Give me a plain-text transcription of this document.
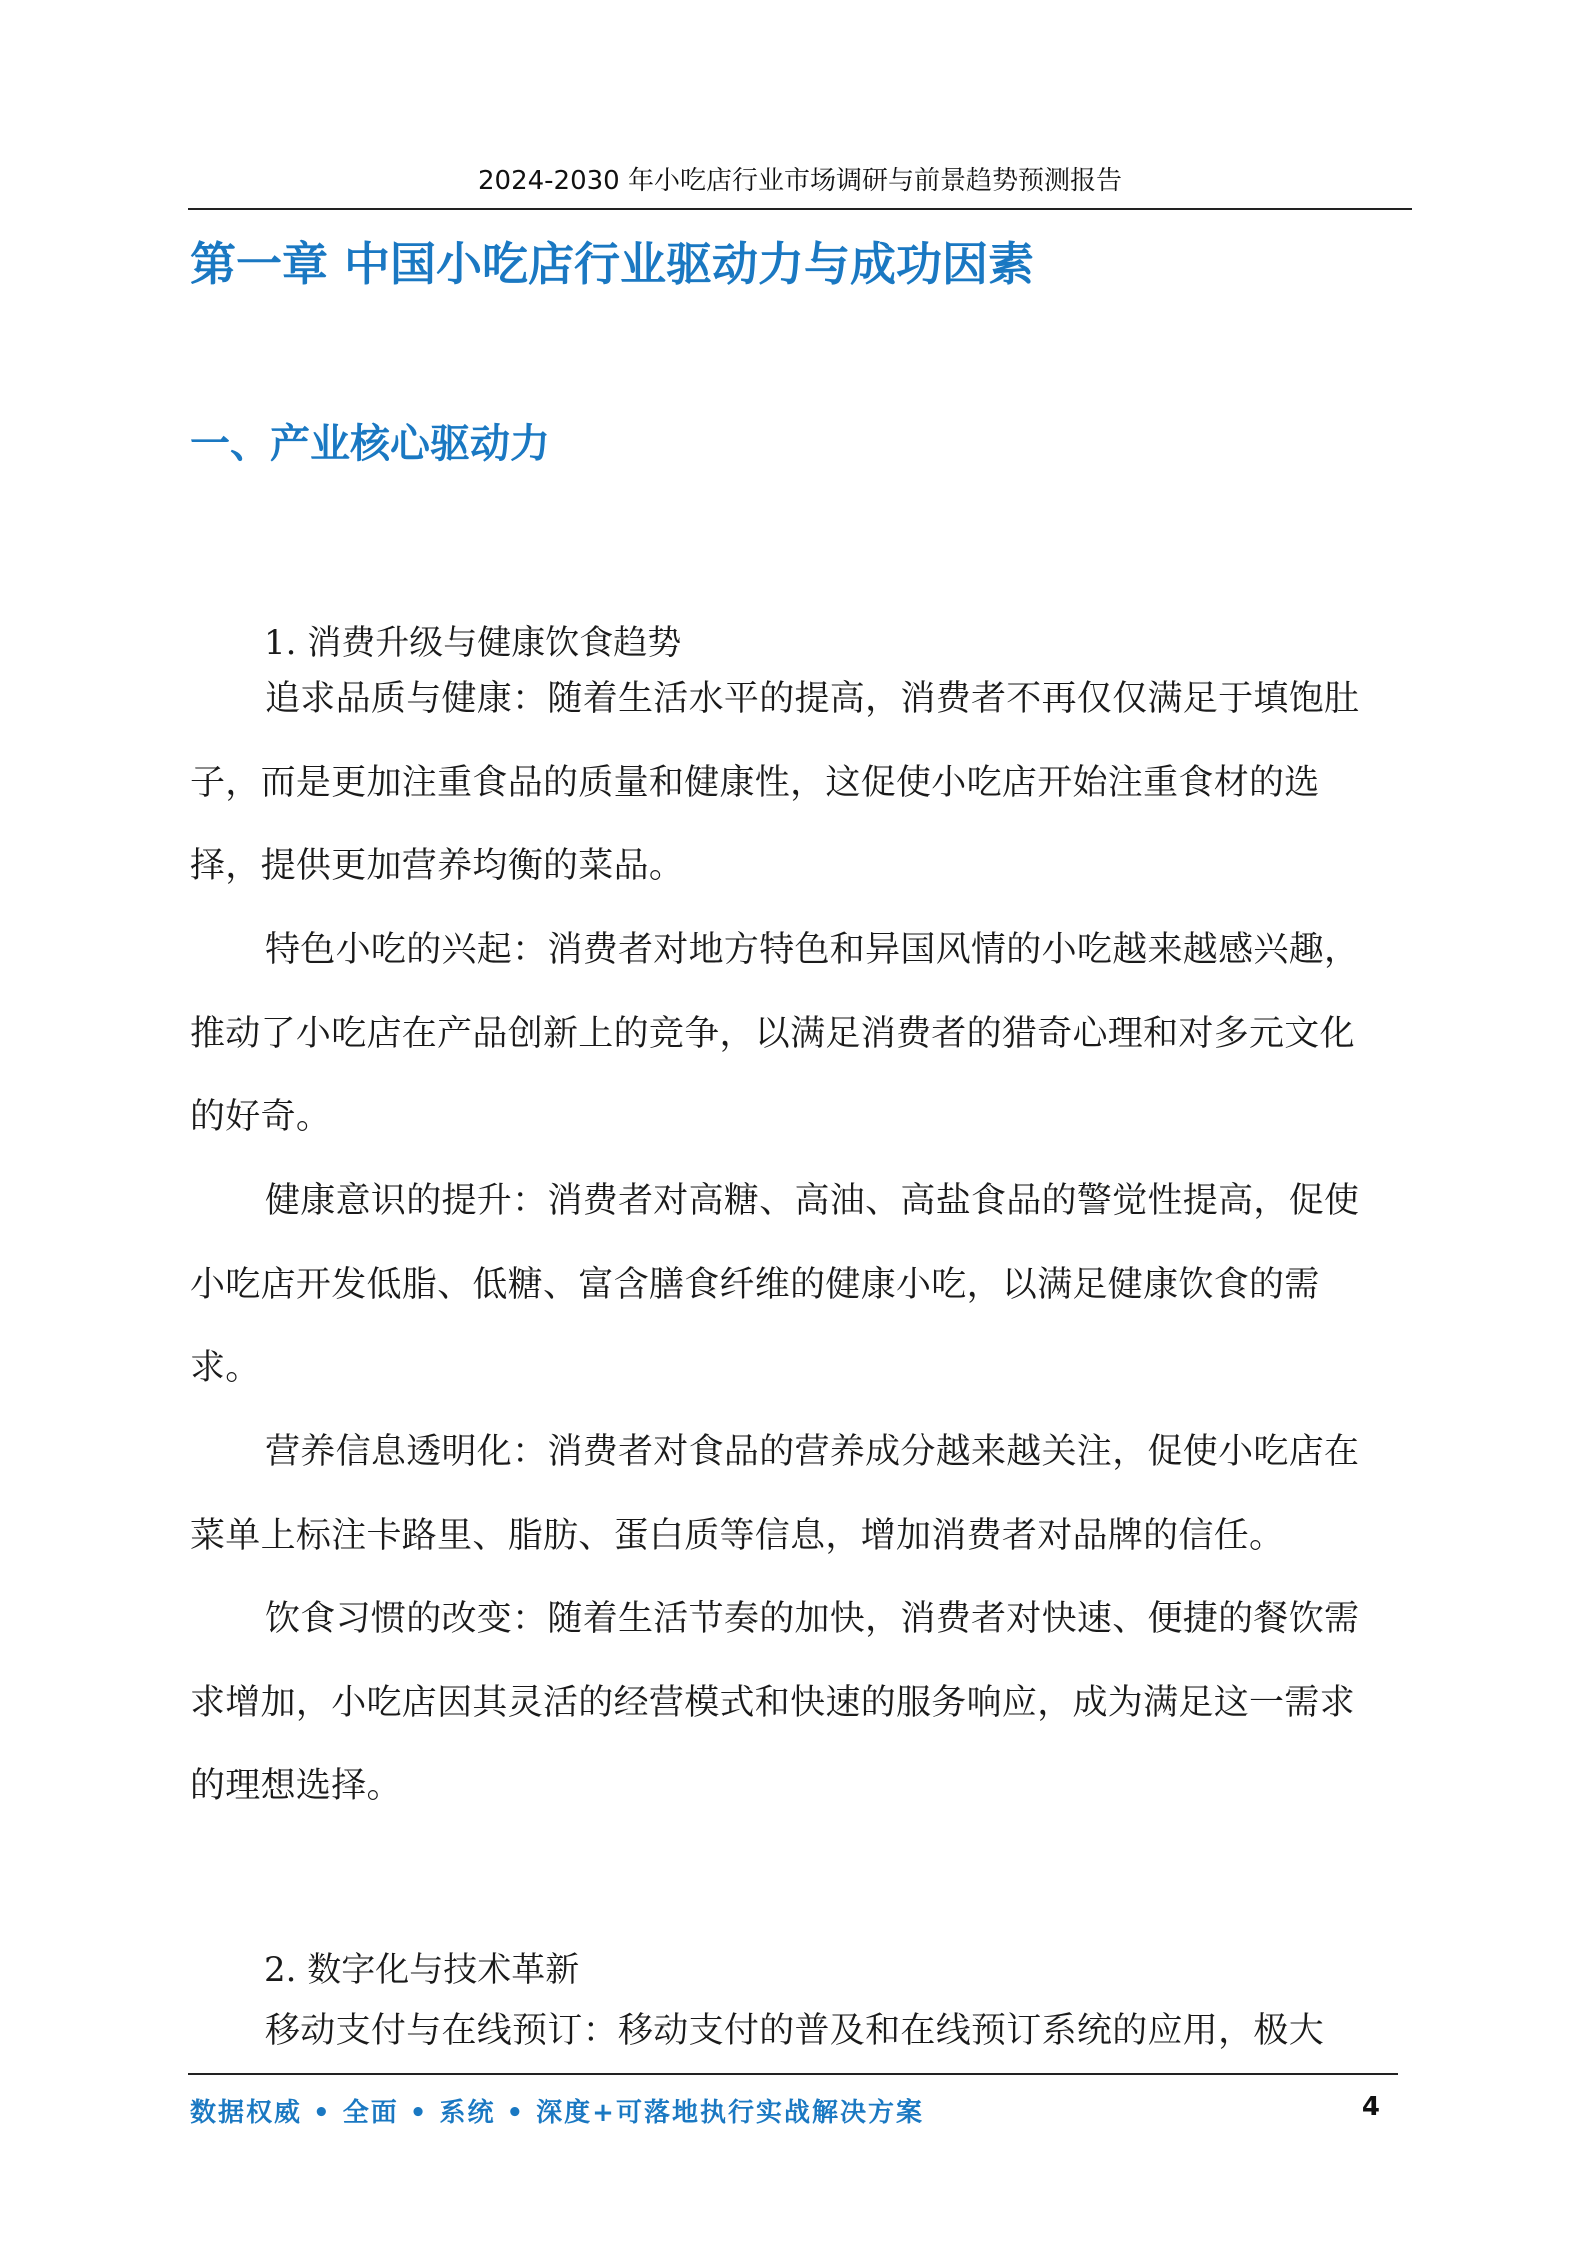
2024-2030 年小吃店行业市场调研与前景趋势预测报告
第一章 中国小吃店行业驱动力与成功因素
一、产业核心驱动力
1. 消费升级与健康饮食趋势
追求品质与健康：随着生活水平的提高，消费者不再仅仅满足于填饱肚子，而是更加注重食品的质量和健康性，这促使小吃店开始注重食材的选择，提供更加营养均衡的菜品。
特色小吃的兴起：消费者对地方特色和异国风情的小吃越来越感兴趣，推动了小吃店在产品创新上的竞争，以满足消费者的猎奇心理和对多元文化的好奇。
健康意识的提升：消费者对高糖、高油、高盐食品的警觉性提高，促使小吃店开发低脂、低糖、富含膳食纤维的健康小吃，以满足健康饮食的需求。
营养信息透明化：消费者对食品的营养成分越来越关注，促使小吃店在菜单上标注卡路里、脂肪、蛋白质等信息，增加消费者对品牌的信任。
饮食习惯的改变：随着生活节奏的加快，消费者对快速、便捷的餐饮需求增加，小吃店因其灵活的经营模式和快速的服务响应，成为满足这一需求的理想选择。
2. 数字化与技术革新
移动支付与在线预订：移动支付的普及和在线预订系统的应用，极大
数据权威 • 全面 • 系统 • 深度+可落地执行实战解决方案	4
